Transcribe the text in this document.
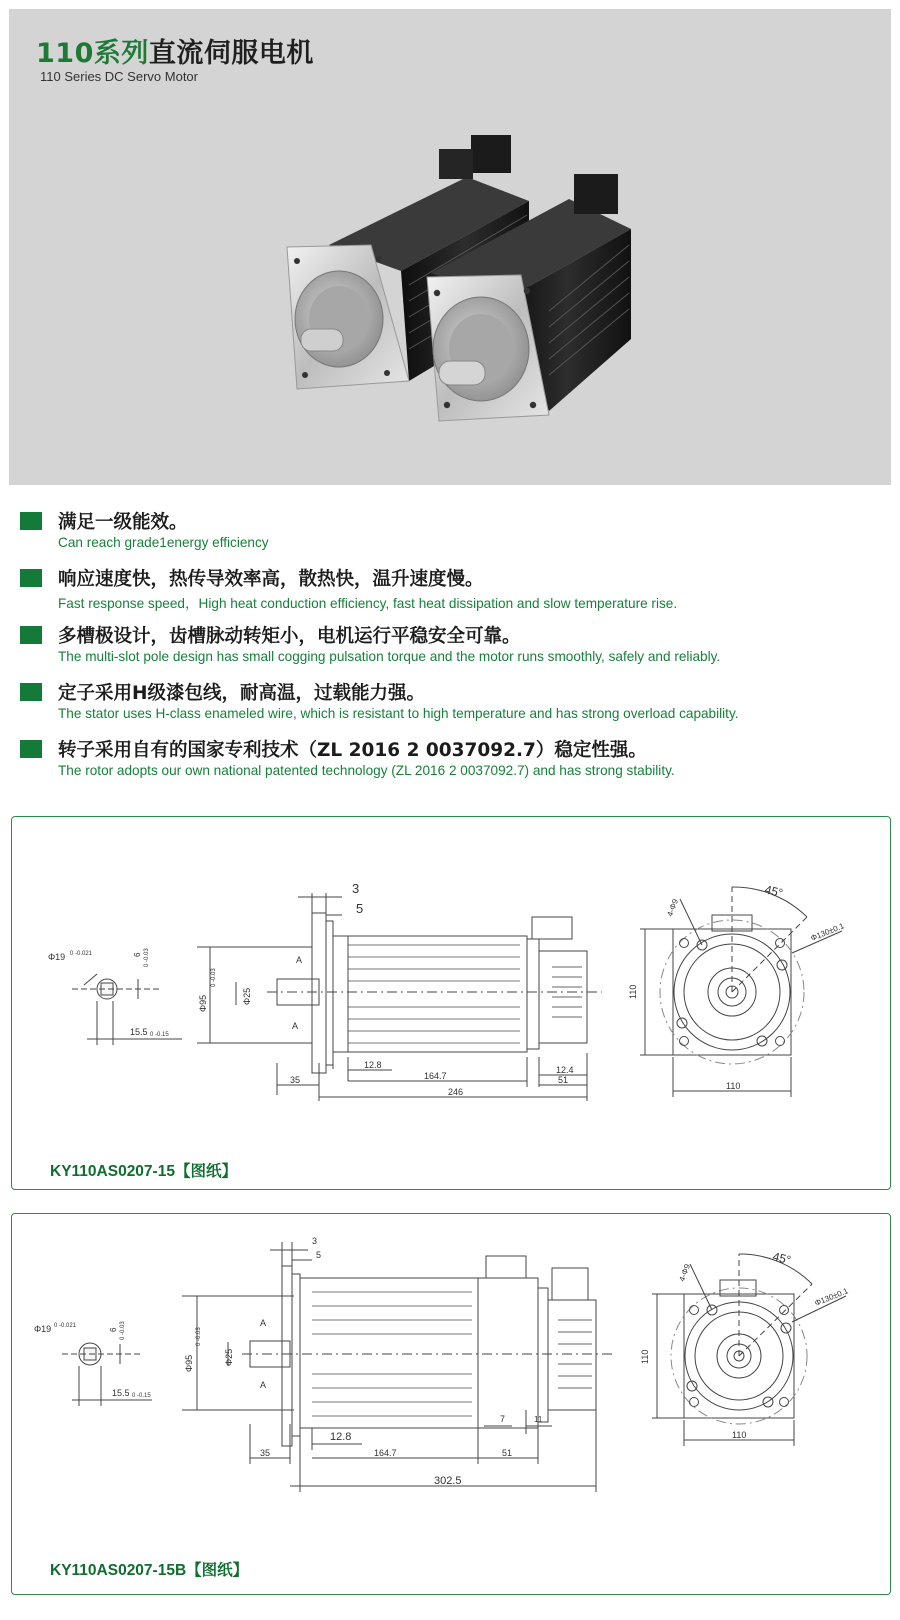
110系列直流伺服电机
110 Series DC Servo Motor
满足一级能效。
Can reach grade1energy efficiency
响应速度快，热传导效率高，散热快，温升速度慢。
Fast response speed，High heat conduction efficiency, fast heat dissipation and slow temperature rise.
多槽极设计，齿槽脉动转矩小，电机运行平稳安全可靠。
The multi-slot pole design has small cogging pulsation torque and the motor runs smoothly, safely and reliably.
定子采用H级漆包线，耐高温，过载能力强。
The stator uses H-class enameled wire, which is resistant to high temperature and has strong overload capability.
转子采用自有的国家专利技术（ZL 2016 2 0037092.7）稳定性强。
The rotor adopts our own national patented technology (ZL 2016 2 0037092.7) and has strong stability.
Φ19 0 -0.021	6 0 -0.03
15.5 0 -0.15
Φ95
0 -0.03
Φ25
A
A
3
5
12.8
164.7
12.4
51
35
246
110
110
45°
4-Φ9
Φ130±0.1
KY110AS0207-15【图纸】
Φ19 0 -0.021
6 0 -0.03
15.5 0 -0.15
Φ95
0 -0.03
Φ25
A
A
3
5
12.8
164.7
7	11
35	51
302.5
110
110
45°
4-Φ9
Φ130±0.1
KY110AS0207-15B【图纸】
